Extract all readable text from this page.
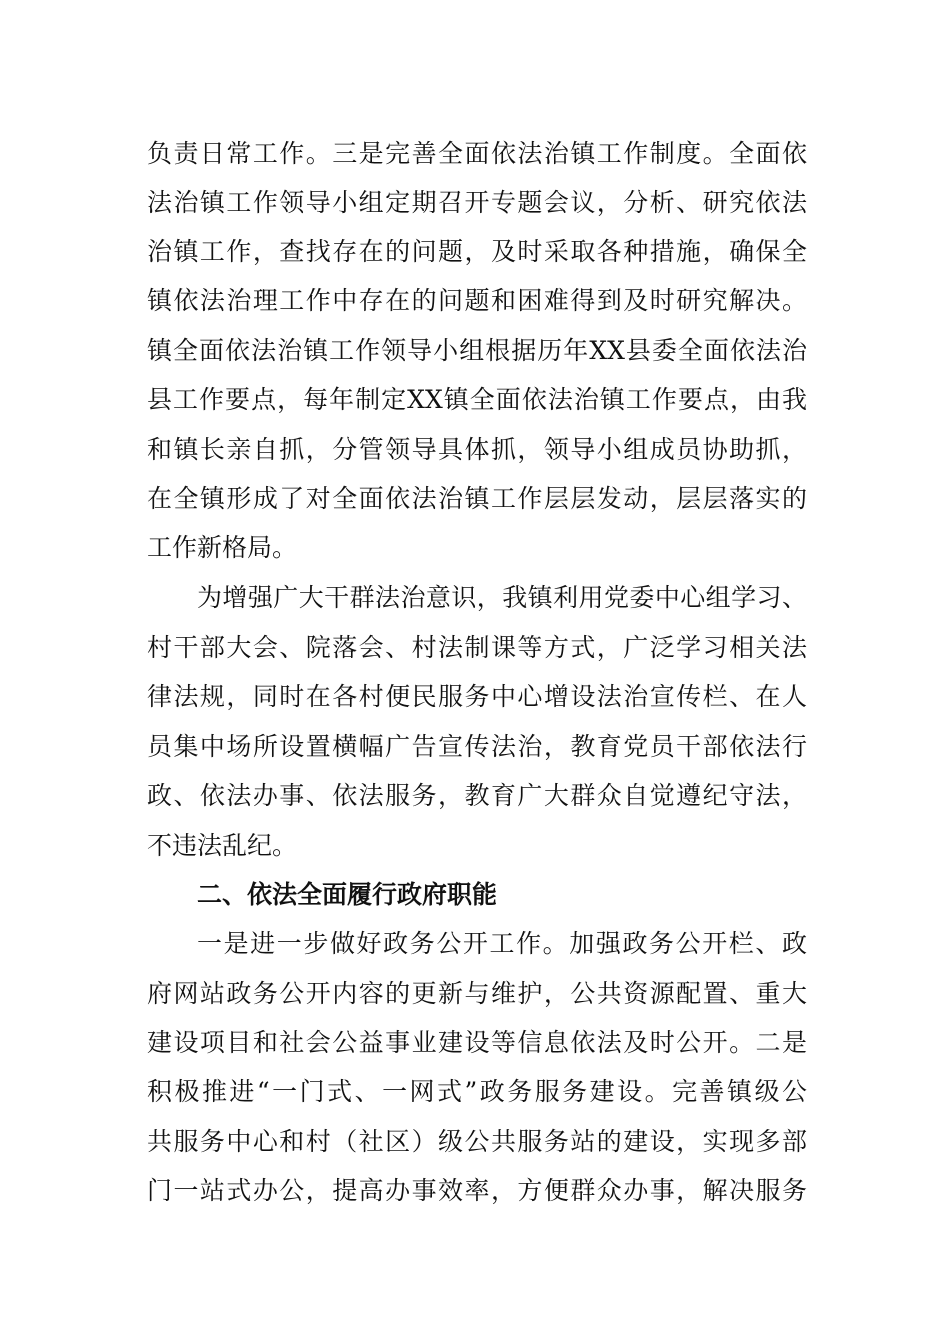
负责日常工作。三是完善全面依法治镇工作制度。全面依
法治镇工作领导小组定期召开专题会议，分析、研究依法
治镇工作，查找存在的问题，及时采取各种措施，确保全
镇依法治理工作中存在的问题和困难得到及时研究解决。
镇全面依法治镇工作领导小组根据历年XX县委全面依法治
县工作要点，每年制定XX镇全面依法治镇工作要点，由我
和镇长亲自抓，分管领导具体抓，领导小组成员协助抓，
在全镇形成了对全面依法治镇工作层层发动，层层落实的
工作新格局。
为增强广大干群法治意识，我镇利用党委中心组学习、
村干部大会、院落会、村法制课等方式，广泛学习相关法
律法规，同时在各村便民服务中心增设法治宣传栏、在人
员集中场所设置横幅广告宣传法治，教育党员干部依法行
政、依法办事、依法服务，教育广大群众自觉遵纪守法，
不违法乱纪。
二、依法全面履行政府职能
一是进一步做好政务公开工作。加强政务公开栏、政
府网站政务公开内容的更新与维护，公共资源配置、重大
建设项目和社会公益事业建设等信息依法及时公开。二是
积极推进“一门式、一网式”政务服务建设。完善镇级公
共服务中心和村（社区）级公共服务站的建设，实现多部
门一站式办公，提高办事效率，方便群众办事，解决服务
